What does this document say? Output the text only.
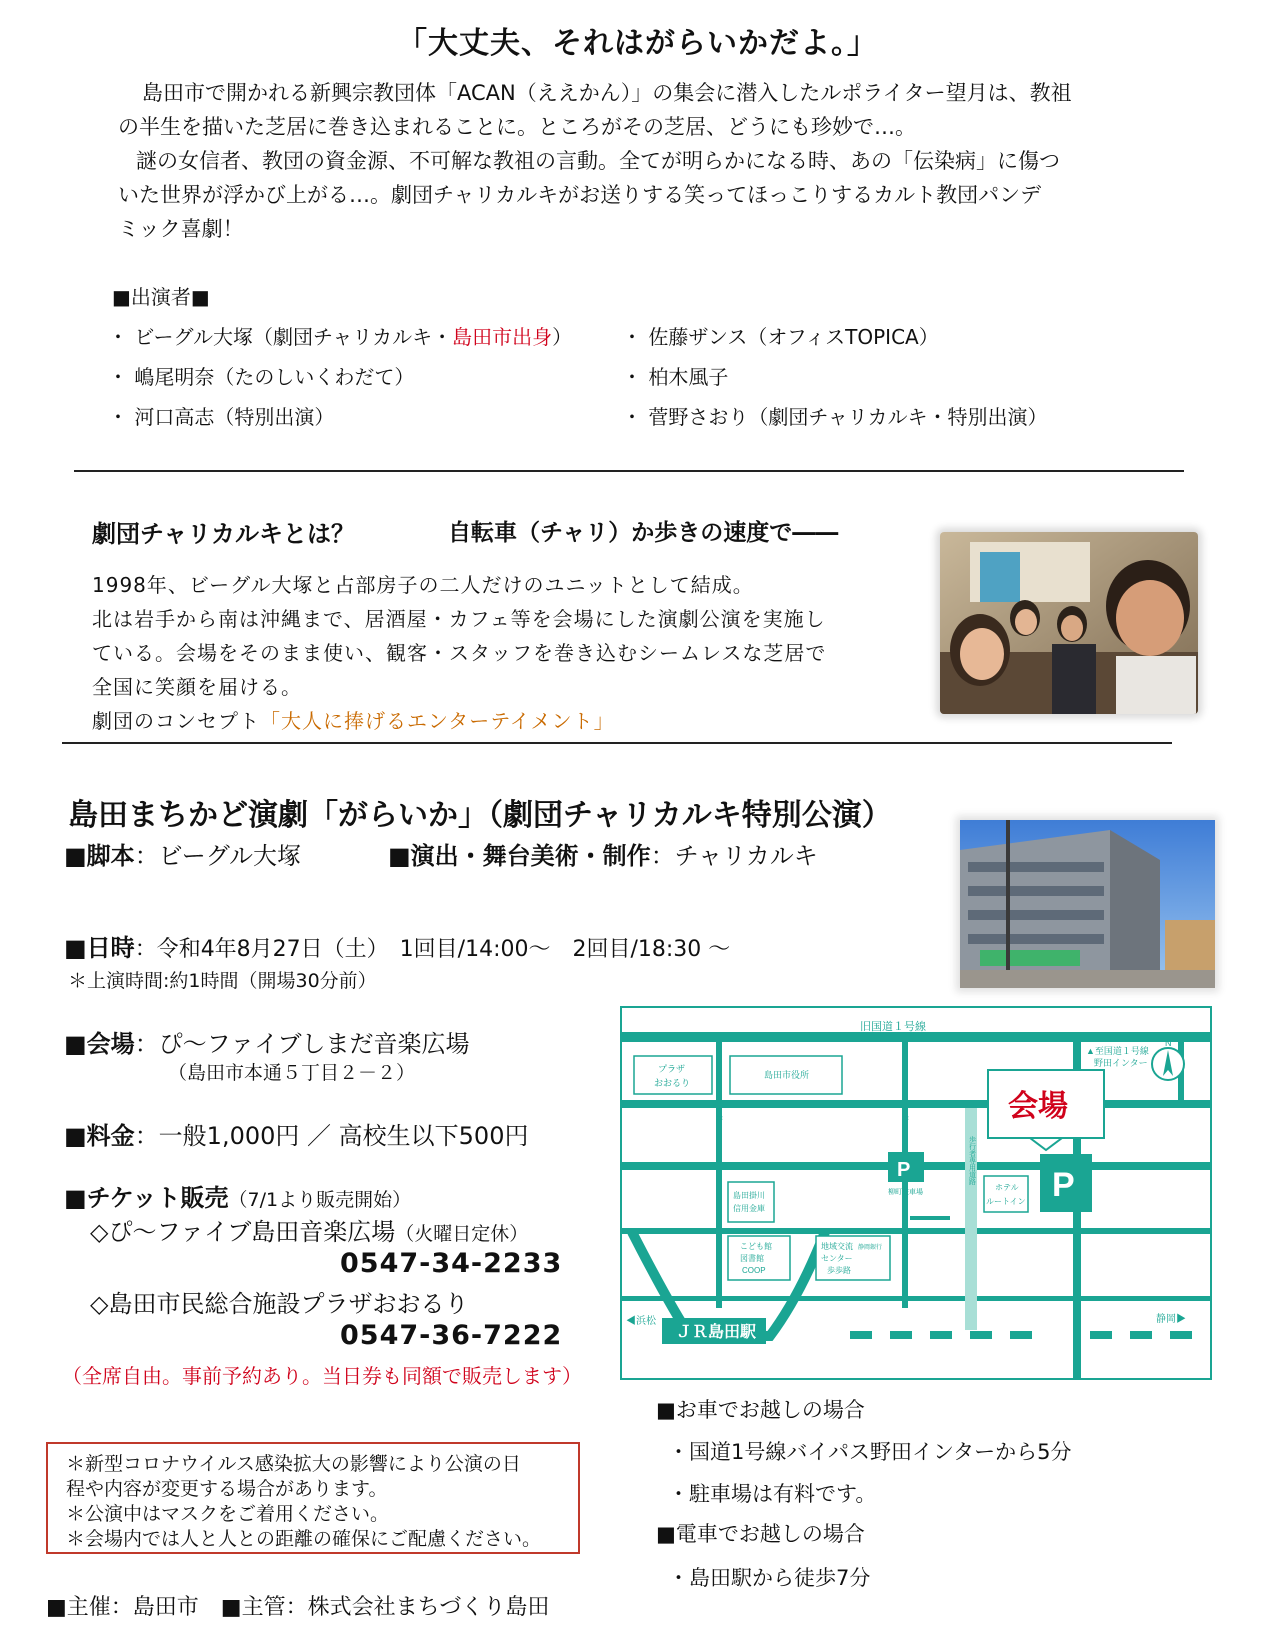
「大丈夫、それはがらいかだよ。」

島田市で開かれる新興宗教団体「ACAN（ええかん）」の集会に潜入したルポライター望月は、教祖

の半生を描いた芝居に巻き込まれることに。ところがその芝居、どうにも珍妙で…。

謎の女信者、教団の資金源、不可解な教祖の言動。全てが明らかになる時、あの「伝染病」に傷つ

いた世界が浮かび上がる…。劇団チャリカルキがお送りする笑ってほっこりするカルト教団パンデ

ミック喜劇！

■出演者■
・ ビーグル大塚（劇団チャリカルキ・島田市出身）
・ 嶋尾明奈（たのしいくわだて）
・ 河口高志（特別出演）
・ 佐藤ザンス（オフィスTOPICA）
・ 柏木風子
・ 菅野さおり（劇団チャリカルキ・特別出演）
劇団チャリカルキとは？	自転車（チャリ）か歩きの速度で――

1998年、ビーグル大塚と占部房子の二人だけのユニットとして結成。

北は岩手から南は沖縄まで、居酒屋・カフェ等を会場にした演劇公演を実施し

ている。会場をそのまま使い、観客・スタッフを巻き込むシームレスな芝居で

全国に笑顔を届ける。

劇団のコンセプト「大人に捧げるエンターテイメント」

島田まちかど演劇「がらいか」（劇団チャリカルキ特別公演）
■脚本：ビーグル大塚	■演出・舞台美術・制作：チャリカルキ
■日時：令和4年8月27日（土）　1回目/14:00～　2回目/18:30 ～
＊上演時間:約1時間（開場30分前）
■会場：ぴ～ファイブしまだ音楽広場
（島田市本通５丁目２－２）
■料金：一般1,000円 ／ 高校生以下500円
■チケット販売（7/1より販売開始）
◇ぴ～ファイブ島田音楽広場（火曜日定休）
0547-34-2233
◇島田市民総合施設プラザおおるり
0547-36-7222
（全席自由。事前予約あり。当日券も同額で販売します）

＊新型コロナウイルス感染拡大の影響により公演の日

程や内容が変更する場合があります。

＊公演中はマスクをご着用ください。

＊会場内では人と人との距離の確保にご配慮ください。

■主催：島田市　■主管：株式会社まちづくり島田
旧国道１号線
▲至国道１号線
野田インター
N
プラザ
おおるり
島田市役所
会場
P
P
柳町駐車場
歩行者専用道路
ホテル
ルートイン
島田掛川
信用金庫
こども館
図書館
COOP
地域交流
センター
歩歩路
静岡銀行
ＪＲ島田駅
◀浜松	静岡▶
≈	≈
■お車でお越しの場合
・国道1号線バイパス野田インターから5分
・駐車場は有料です。
■電車でお越しの場合
・島田駅から徒歩7分
